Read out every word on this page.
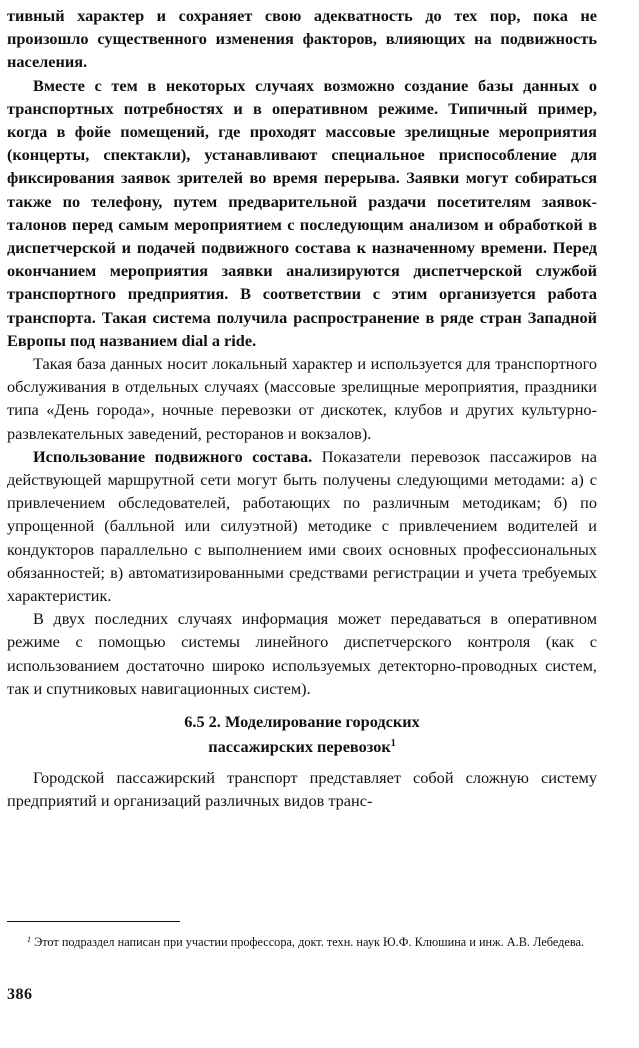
тивный характер и сохраняет свою адекватность до тех пор, пока не произошло существенного изменения факторов, влияющих на подвижность населения.

Вместе с тем в некоторых случаях возможно создание базы данных о транспортных потребностях и в оперативном режиме. Типичный пример, когда в фойе помещений, где проходят массовые зрелищные мероприятия (концерты, спектакли), устанавливают специальное приспособление для фиксирования заявок зрителей во время перерыва. Заявки могут собираться также по телефону, путем предварительной раздачи посетителям заявок-талонов перед самым мероприятием с последующим анализом и обработкой в диспетчерской и подачей подвижного состава к назначенному времени. Перед окончанием мероприятия заявки анализируются диспетчерской службой транспортного предприятия. В соответствии с этим организуется работа транспорта. Такая система получила распространение в ряде стран Западной Европы под названием dial a ride.

Такая база данных носит локальный характер и используется для транспортного обслуживания в отдельных случаях (массовые зрелищные мероприятия, праздники типа «День города», ночные перевозки от дискотек, клубов и других культурно-развлекательных заведений, ресторанов и вокзалов).

Использование подвижного состава. Показатели перевозок пассажиров на действующей маршрутной сети могут быть получены следующими методами: а) с привлечением обследователей, работающих по различным методикам; б) по упрощенной (балльной или силуэтной) методике с привлечением водителей и кондукторов параллельно с выполнением ими своих основных профессиональных обязанностей; в) автоматизированными средствами регистрации и учета требуемых характеристик.

В двух последних случаях информация может передаваться в оперативном режиме с помощью системы линейного диспетчерского контроля (как с использованием достаточно широко используемых детекторно-проводных систем, так и спутниковых навигационных систем).

6.5 2. Моделирование городских
пассажирских перевозок$^1$

Городской пассажирский транспорт представляет собой сложную систему предприятий и организаций различных видов транс-

$^1$ Этот подраздел написан при участии профессора, докт. техн. наук Ю.Ф. Клюшина и инж. А.В. Лебедева.

386
